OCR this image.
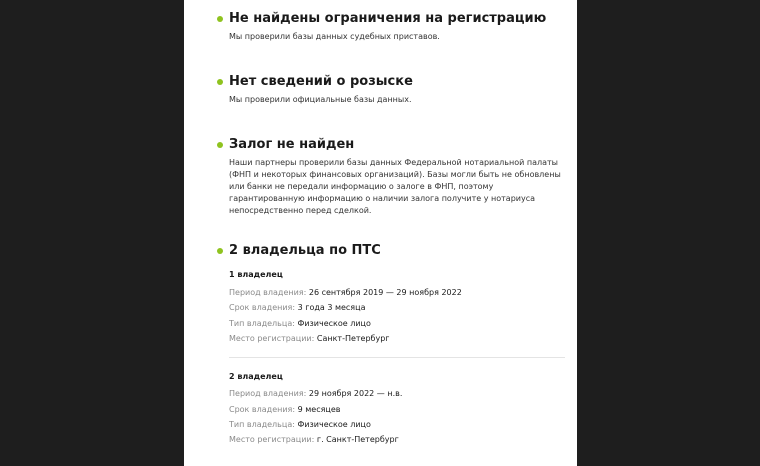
Не найдены ограничения на регистрацию

Мы проверили базы данных судебных приставов.

Нет сведений о розыске

Мы проверили официальные базы данных.

Залог не найден

Наши партнеры проверили базы данных Федеральной нотариальной палаты (ФНП и некоторых финансовых организаций). Базы могли быть не обновлены или банки не передали информацию о залоге в ФНП, поэтому гарантированную информацию о наличии залога получите у нотариуса непосредственно перед сделкой.

2 владельца по ПТС

1 владелец

Период владения: 26 сентября 2019 — 29 ноября 2022

Срок владения: 3 года 3 месяца

Тип владельца: Физическое лицо

Место регистрации: Санкт-Петербург

2 владелец

Период владения: 29 ноября 2022 — н.в.

Срок владения: 9 месяцев

Тип владельца: Физическое лицо

Место регистрации: г. Санкт-Петербург
